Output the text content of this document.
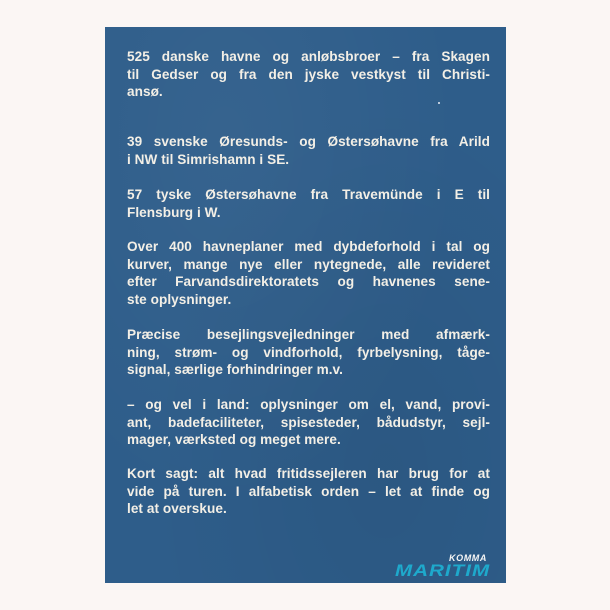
525 danske havne og anløbsbroer – fra Skagen
til Gedser og fra den jyske vestkyst til Christi-
ansø.
39 svenske Øresunds- og Østersøhavne fra Arild
i NW til Simrishamn i SE.
57 tyske Østersøhavne fra Travemünde i E til
Flensburg i W.
Over 400 havneplaner med dybdeforhold i tal og
kurver, mange nye eller nytegnede, alle revideret
efter Farvandsdirektoratets og havnenes sene-
ste oplysninger.
Præcise besejlingsvejledninger med afmærk-
ning, strøm- og vindforhold, fyrbelysning, tåge-
signal, særlige forhindringer m.v.
– og vel i land: oplysninger om el, vand, provi-
ant, badefaciliteter, spisesteder, bådudstyr, sejl-
mager, værksted og meget mere.
Kort sagt: alt hvad fritidssejleren har brug for at
vide på turen. I alfabetisk orden – let at finde og
let at overskue.
KOMMA
MARITIM
